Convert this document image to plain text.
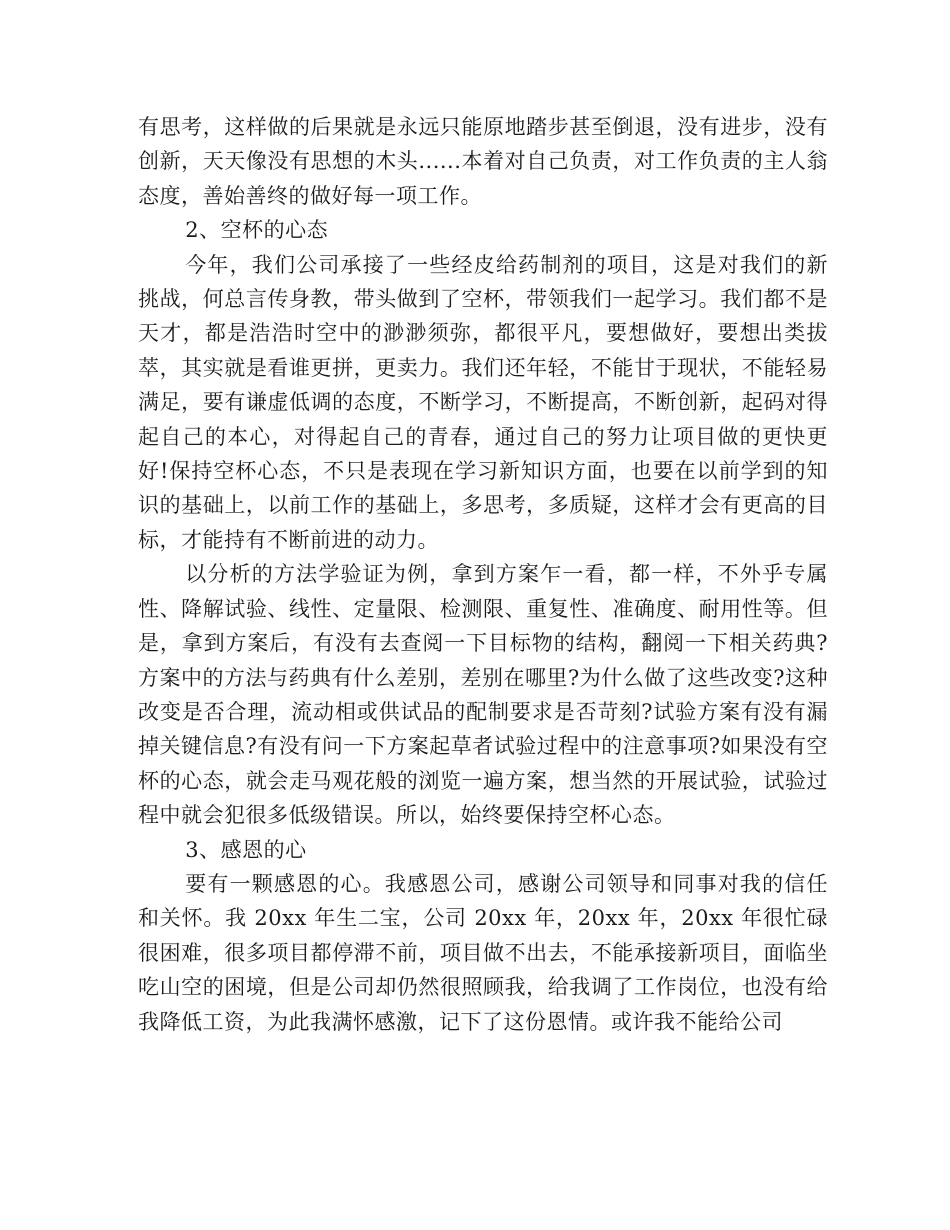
有思考，这样做的后果就是永远只能原地踏步甚至倒退，没有进步，没有创新，天天像没有思想的木头......本着对自己负责，对工作负责的主人翁态度，善始善终的做好每一项工作。

2、空杯的心态

今年，我们公司承接了一些经皮给药制剂的项目，这是对我们的新挑战，何总言传身教，带头做到了空杯，带领我们一起学习。我们都不是天才，都是浩浩时空中的渺渺须弥，都很平凡，要想做好，要想出类拔萃，其实就是看谁更拼，更卖力。我们还年轻，不能甘于现状，不能轻易满足，要有谦虚低调的态度，不断学习，不断提高，不断创新，起码对得起自己的本心，对得起自己的青春，通过自己的努力让项目做的更快更好!保持空杯心态，不只是表现在学习新知识方面，也要在以前学到的知识的基础上，以前工作的基础上，多思考，多质疑，这样才会有更高的目标，才能持有不断前进的动力。

以分析的方法学验证为例，拿到方案乍一看，都一样，不外乎专属性、降解试验、线性、定量限、检测限、重复性、准确度、耐用性等。但是，拿到方案后，有没有去查阅一下目标物的结构，翻阅一下相关药典?方案中的方法与药典有什么差别，差别在哪里?为什么做了这些改变?这种改变是否合理，流动相或供试品的配制要求是否苛刻?试验方案有没有漏掉关键信息?有没有问一下方案起草者试验过程中的注意事项?如果没有空杯的心态，就会走马观花般的浏览一遍方案，想当然的开展试验，试验过程中就会犯很多低级错误。所以，始终要保持空杯心态。

3、感恩的心

要有一颗感恩的心。我感恩公司，感谢公司领导和同事对我的信任和关怀。我 20xx 年生二宝，公司 20xx 年，20xx 年，20xx 年很忙碌很困难，很多项目都停滞不前，项目做不出去，不能承接新项目，面临坐吃山空的困境，但是公司却仍然很照顾我，给我调了工作岗位，也没有给我降低工资，为此我满怀感激，记下了这份恩情。或许我不能给公司
